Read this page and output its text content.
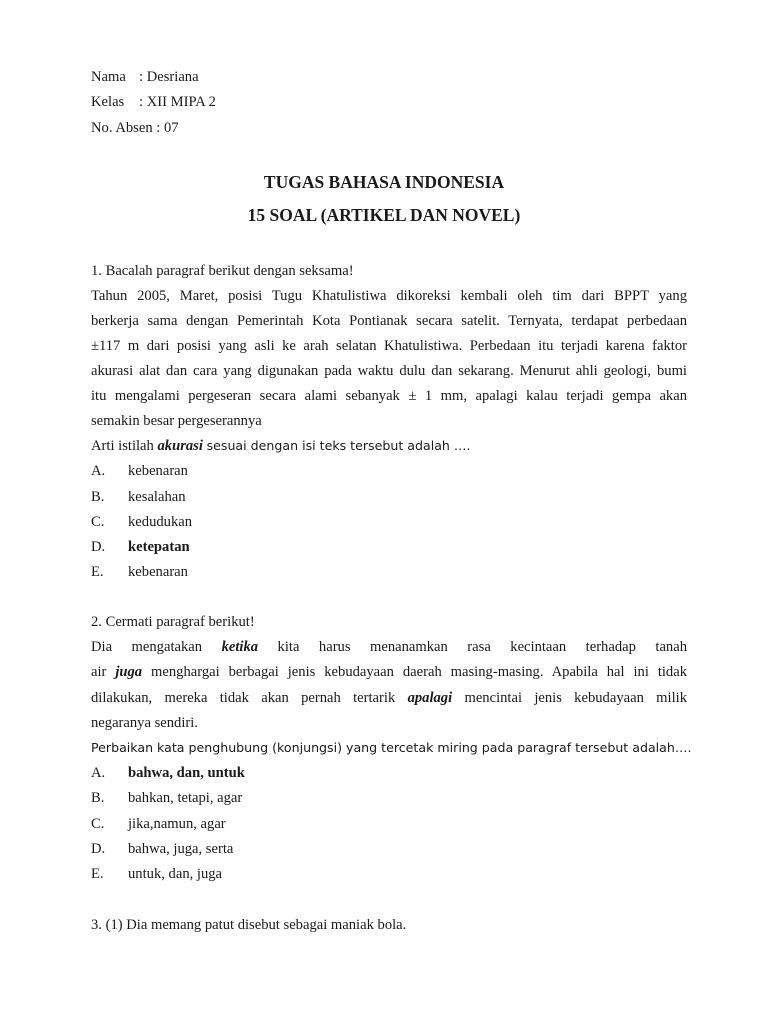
Nama : Desriana
Kelas : XII MIPA 2
No. Absen : 07
TUGAS BAHASA INDONESIA
15 SOAL (ARTIKEL DAN NOVEL)
1. Bacalah paragraf berikut dengan seksama!
Tahun 2005, Maret, posisi Tugu Khatulistiwa dikoreksi kembali oleh tim dari BPPT yang
berkerja sama dengan Pemerintah Kota Pontianak secara satelit. Ternyata, terdapat perbedaan
±117 m dari posisi yang asli ke arah selatan Khatulistiwa. Perbedaan itu terjadi karena faktor
akurasi alat dan cara yang digunakan pada waktu dulu dan sekarang. Menurut ahli geologi, bumi
itu mengalami pergeseran secara alami sebanyak ± 1 mm, apalagi kalau terjadi gempa akan
semakin besar pergeserannya
Arti istilah akurasi sesuai dengan isi teks tersebut adalah ….
A. kebenaran
B. kesalahan
C. kedudukan
D. ketepatan
E. kebenaran
2. Cermati paragraf berikut!
Dia mengatakan ketika kita harus menanamkan rasa kecintaan terhadap tanah
air juga menghargai berbagai jenis kebudayaan daerah masing-masing. Apabila hal ini tidak
dilakukan, mereka tidak akan pernah tertarik apalagi mencintai jenis kebudayaan milik
negaranya sendiri.
Perbaikan kata penghubung (konjungsi) yang tercetak miring pada paragraf tersebut adalah….
A. bahwa, dan, untuk
B. bahkan, tetapi, agar
C. jika,namun, agar
D. bahwa, juga, serta
E. untuk, dan, juga
3. (1) Dia memang patut disebut sebagai maniak bola.
